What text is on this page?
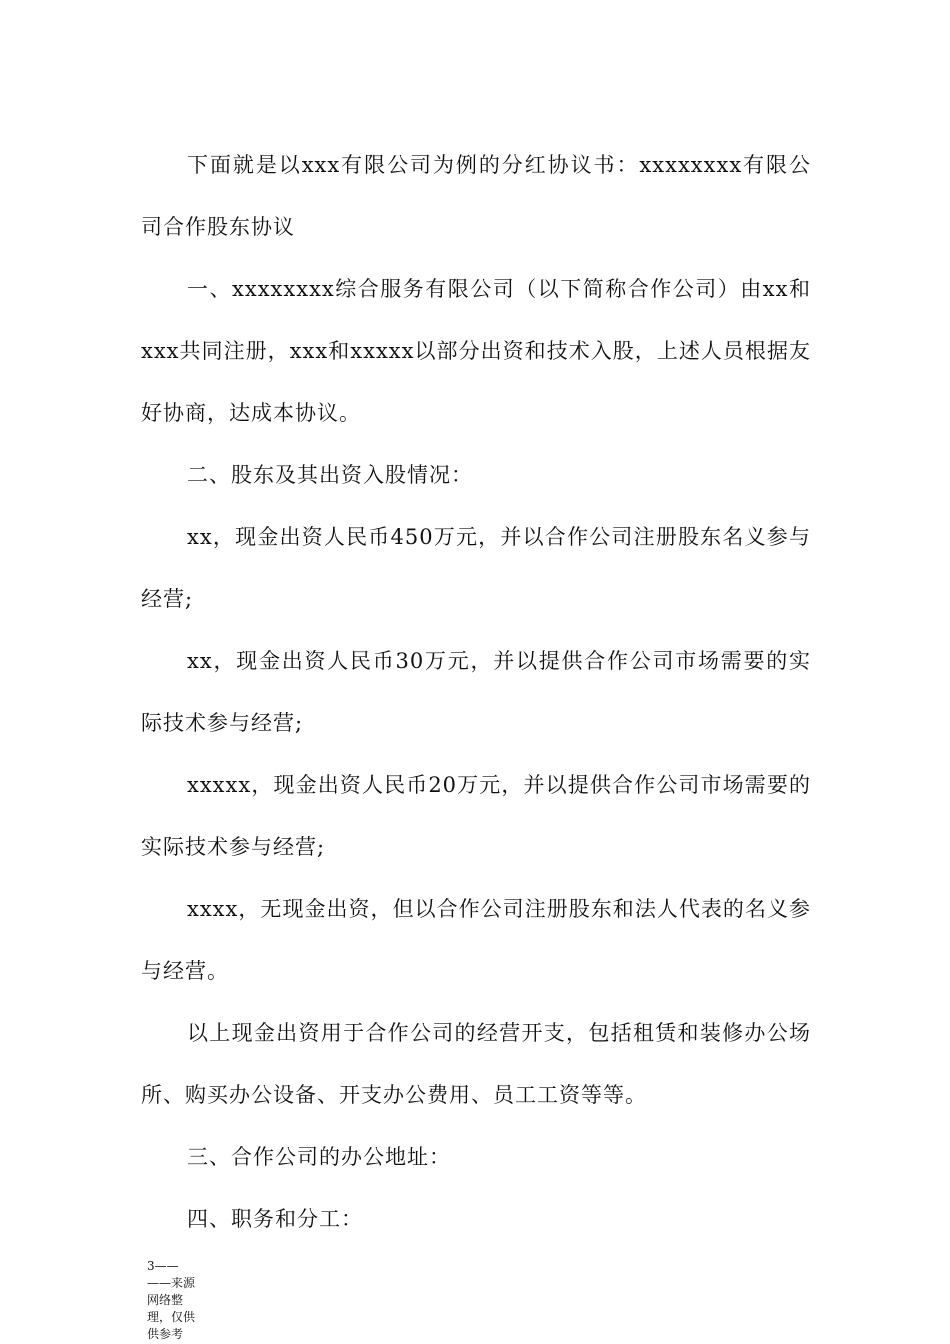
下面就是以xxx有限公司为例的分红协议书：xxxxxxxx有限公司合作股东协议

一、xxxxxxxx综合服务有限公司（以下简称合作公司）由xx和xxx共同注册，xxx和xxxxx以部分出资和技术入股，上述人员根据友好协商，达成本协议。

二、股东及其出资入股情况：

xx，现金出资人民币450万元，并以合作公司注册股东名义参与经营;

xx，现金出资人民币30万元，并以提供合作公司市场需要的实际技术参与经营;

xxxxx，现金出资人民币20万元，并以提供合作公司市场需要的实际技术参与经营;

xxxx，无现金出资，但以合作公司注册股东和法人代表的名义参与经营。

以上现金出资用于合作公司的经营开支，包括租赁和装修办公场所、购买办公设备、开支办公费用、员工工资等等。

三、合作公司的办公地址：

四、职务和分工：

3—— ——来源网络整理，仅供供参考
